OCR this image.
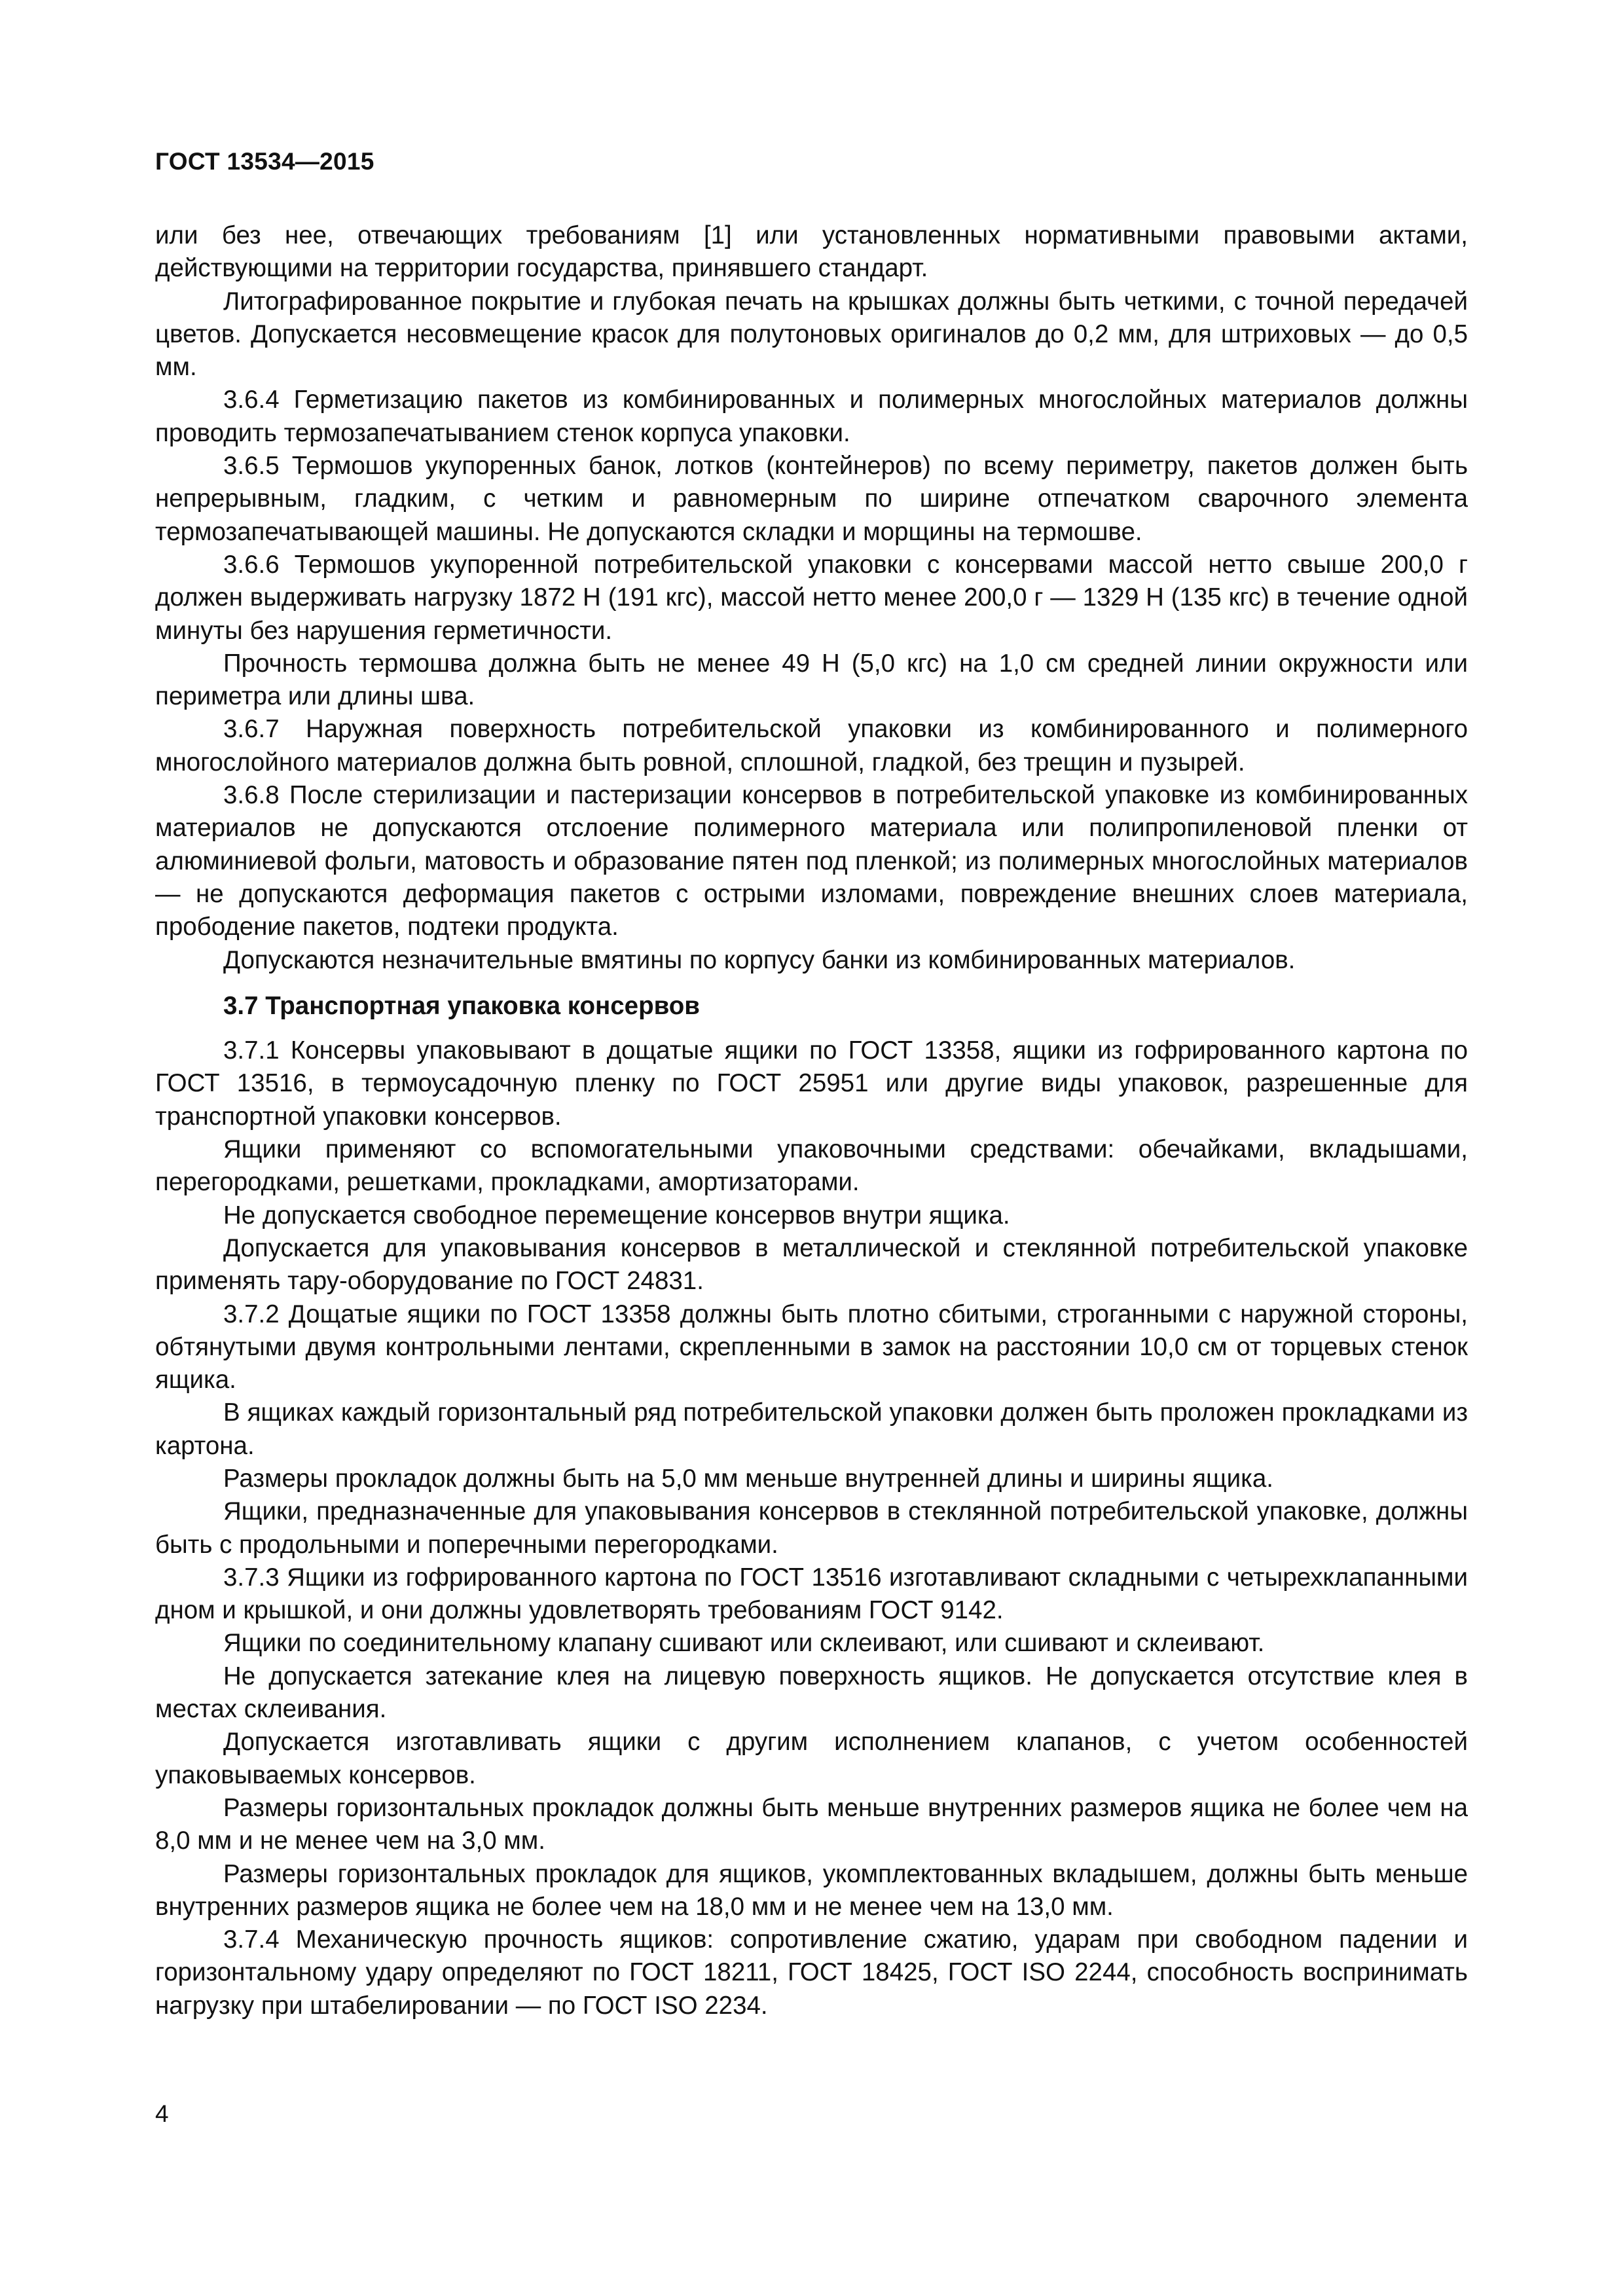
ГОСТ 13534—2015

или без нее, отвечающих требованиям [1] или установленных нормативными правовыми актами, действующими на территории государства, принявшего стандарт.

Литографированное покрытие и глубокая печать на крышках должны быть четкими, с точной передачей цветов. Допускается несовмещение красок для полутоновых оригиналов до 0,2 мм, для штриховых — до 0,5 мм.

3.6.4 Герметизацию пакетов из комбинированных и полимерных многослойных материалов должны проводить термозапечатыванием стенок корпуса упаковки.

3.6.5 Термошов укупоренных банок, лотков (контейнеров) по всему периметру, пакетов должен быть непрерывным, гладким, с четким и равномерным по ширине отпечатком сварочного элемента термозапечатывающей машины. Не допускаются складки и морщины на термошве.

3.6.6 Термошов укупоренной потребительской упаковки с консервами массой нетто свыше 200,0 г должен выдерживать нагрузку 1872 Н (191 кгс), массой нетто менее 200,0 г — 1329 Н (135 кгс) в течение одной минуты без нарушения герметичности.

Прочность термошва должна быть не менее 49 Н (5,0 кгс) на 1,0 см средней линии окружности или периметра или длины шва.

3.6.7 Наружная поверхность потребительской упаковки из комбинированного и полимерного многослойного материалов должна быть ровной, сплошной, гладкой, без трещин и пузырей.

3.6.8 После стерилизации и пастеризации консервов в потребительской упаковке из комбинированных материалов не допускаются отслоение полимерного материала или полипропиленовой пленки от алюминиевой фольги, матовость и образование пятен под пленкой; из полимерных многослойных материалов — не допускаются деформация пакетов с острыми изломами, повреждение внешних слоев материала, прободение пакетов, подтеки продукта.

Допускаются незначительные вмятины по корпусу банки из комбинированных материалов.

3.7 Транспортная упаковка консервов

3.7.1 Консервы упаковывают в дощатые ящики по ГОСТ 13358, ящики из гофрированного картона по ГОСТ 13516, в термоусадочную пленку по ГОСТ 25951 или другие виды упаковок, разрешенные для транспортной упаковки консервов.

Ящики применяют со вспомогательными упаковочными средствами: обечайками, вкладышами, перегородками, решетками, прокладками, амортизаторами.

Не допускается свободное перемещение консервов внутри ящика.

Допускается для упаковывания консервов в металлической и стеклянной потребительской упаковке применять тару-оборудование по ГОСТ 24831.

3.7.2 Дощатые ящики по ГОСТ 13358 должны быть плотно сбитыми, строганными с наружной стороны, обтянутыми двумя контрольными лентами, скрепленными в замок на расстоянии 10,0 см от торцевых стенок ящика.

В ящиках каждый горизонтальный ряд потребительской упаковки должен быть проложен прокладками из картона.

Размеры прокладок должны быть на 5,0 мм меньше внутренней длины и ширины ящика.

Ящики, предназначенные для упаковывания консервов в стеклянной потребительской упаковке, должны быть с продольными и поперечными перегородками.

3.7.3 Ящики из гофрированного картона по ГОСТ 13516 изготавливают складными с четырехклапанными дном и крышкой, и они должны удовлетворять требованиям ГОСТ 9142.

Ящики по соединительному клапану сшивают или склеивают, или сшивают и склеивают.

Не допускается затекание клея на лицевую поверхность ящиков. Не допускается отсутствие клея в местах склеивания.

Допускается изготавливать ящики с другим исполнением клапанов, с учетом особенностей упаковываемых консервов.

Размеры горизонтальных прокладок должны быть меньше внутренних размеров ящика не более чем на 8,0 мм и не менее чем на 3,0 мм.

Размеры горизонтальных прокладок для ящиков, укомплектованных вкладышем, должны быть меньше внутренних размеров ящика не более чем на 18,0 мм и не менее чем на 13,0 мм.

3.7.4 Механическую прочность ящиков: сопротивление сжатию, ударам при свободном падении и горизонтальному удару определяют по ГОСТ 18211, ГОСТ 18425, ГОСТ ISO 2244, способность воспринимать нагрузку при штабелировании — по ГОСТ ISO 2234.

4
